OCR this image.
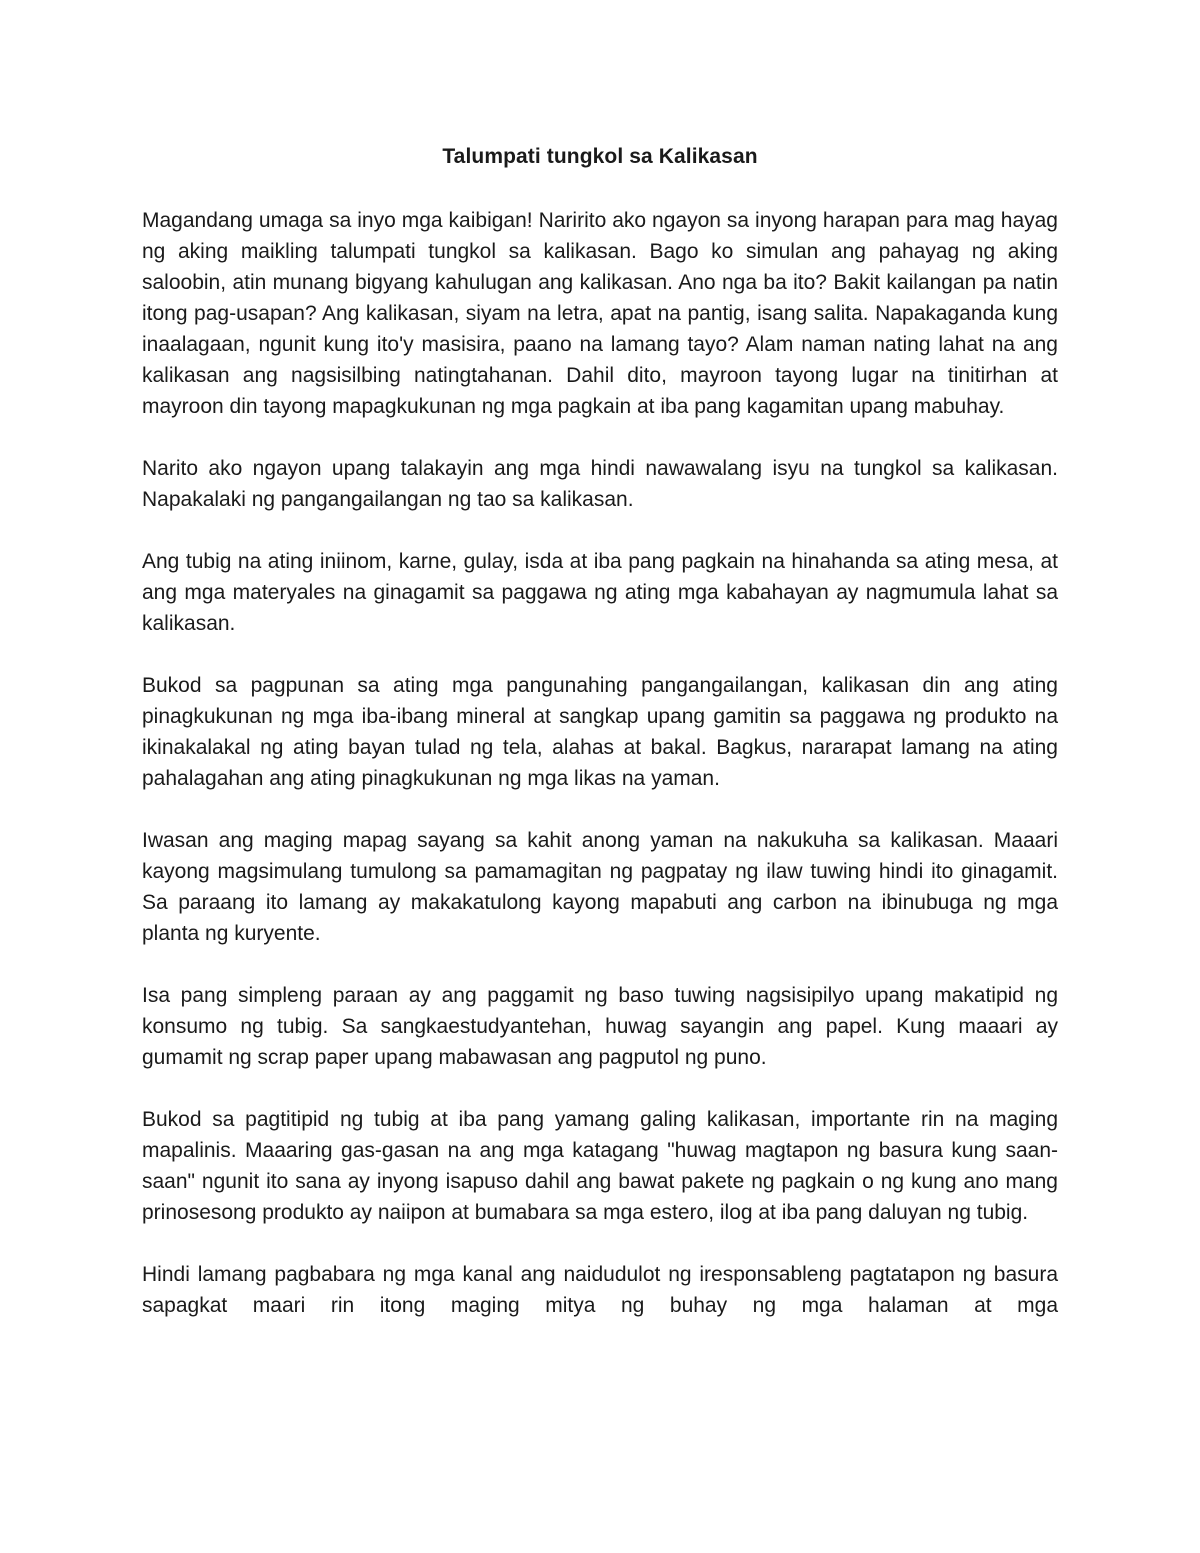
Talumpati tungkol sa Kalikasan

Magandang umaga sa inyo mga kaibigan! Naririto ako ngayon sa inyong harapan para mag hayag ng aking maikling talumpati tungkol sa kalikasan. Bago ko simulan ang pahayag ng aking saloobin, atin munang bigyang kahulugan ang kalikasan. Ano nga ba ito? Bakit kailangan pa natin itong pag-usapan? Ang kalikasan, siyam na letra, apat na pantig, isang salita. Napakaganda kung inaalagaan, ngunit kung ito'y masisira, paano na lamang tayo? Alam naman nating lahat na ang kalikasan ang nagsisilbing natingtahanan. Dahil dito, mayroon tayong lugar na tinitirhan at mayroon din tayong mapagkukunan ng mga pagkain at iba pang kagamitan upang mabuhay.

Narito ako ngayon upang talakayin ang mga hindi nawawalang isyu na tungkol sa kalikasan. Napakalaki ng pangangailangan ng tao sa kalikasan.

Ang tubig na ating iniinom, karne, gulay, isda at iba pang pagkain na hinahanda sa ating mesa, at ang mga materyales na ginagamit sa paggawa ng ating mga kabahayan ay nagmumula lahat sa kalikasan.

Bukod sa pagpunan sa ating mga pangunahing pangangailangan, kalikasan din ang ating pinagkukunan ng mga iba-ibang mineral at sangkap upang gamitin sa paggawa ng produkto na ikinakalakal ng ating bayan tulad ng tela, alahas at bakal. Bagkus, nararapat lamang na ating pahalagahan ang ating pinagkukunan ng mga likas na yaman.

Iwasan ang maging mapag sayang sa kahit anong yaman na nakukuha sa kalikasan. Maaari kayong magsimulang tumulong sa pamamagitan ng pagpatay ng ilaw tuwing hindi ito ginagamit. Sa paraang ito lamang ay makakatulong kayong mapabuti ang carbon na ibinubuga ng mga planta ng kuryente.

Isa pang simpleng paraan ay ang paggamit ng baso tuwing nagsisipilyo upang makatipid ng konsumo ng tubig. Sa sangkaestudyantehan, huwag sayangin ang papel. Kung maaari ay gumamit ng scrap paper upang mabawasan ang pagputol ng puno.

Bukod sa pagtitipid ng tubig at iba pang yamang galing kalikasan, importante rin na maging mapalinis. Maaaring gas-gasan na ang mga katagang "huwag magtapon ng basura kung saan-saan" ngunit ito sana ay inyong isapuso dahil ang bawat pakete ng pagkain o ng kung ano mang prinosesong produkto ay naiipon at bumabara sa mga estero, ilog at iba pang daluyan ng tubig.

Hindi lamang pagbabara ng mga kanal ang naidudulot ng iresponsableng pagtatapon ng basura sapagkat maari rin itong maging mitya ng buhay ng mga halaman at mga
